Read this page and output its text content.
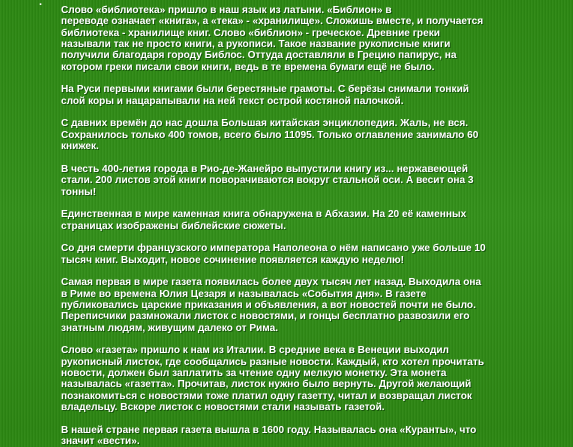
· Слово «библиотека» пришло в наш язык из латыни. «Библион» в
переводе означает «книга», а «тека» - «хранилище». Сложишь вместе, и получается
библиотека - хранилище книг. Слово «библион» - греческое. Древние греки
называли так не просто книги, а рукописи. Такое название рукописные книги
получили благодаря городу Библос. Оттуда доставляли в Грецию папирус, на
котором греки писали свои книги, ведь в те времена бумаги ещё не было.
На Руси первыми книгами были берестяные грамоты. С берёзы снимали тонкий
слой коры и нацарапывали на ней текст острой костяной палочкой.
С давних времён до нас дошла Большая китайская энциклопедия. Жаль, не вся.
Сохранилось только 400 томов, всего было 11095. Только оглавление занимало 60
книжек.
В честь 400-летия города в Рио-де-Жанейро выпустили книгу из... нержавеющей
стали. 200 листов этой книги поворачиваются вокруг стальной оси. А весит она 3
тонны!
Единственная в мире каменная книга обнаружена в Абхазии. На 20 её каменных
страницах изображены библейские сюжеты.
Со дня смерти французского императора Наполеона о нём написано уже больше 10
тысяч книг. Выходит, новое сочинение появляется каждую неделю!
Самая первая в мире газета появилась более двух тысяч лет назад. Выходила она
в Риме во времена Юлия Цезаря и называлась «События дня». В газете
публиковались царские приказания и объявления, а вот новостей почти не было.
Переписчики размножали листок с новостями, и гонцы бесплатно развозили его
знатным людям, живущим далеко от Рима.
Слово «газета» пришло к нам из Италии. В средние века в Венеции выходил
рукописный листок, где сообщались разные новости. Каждый, кто хотел прочитать
новости, должен был заплатить за чтение одну мелкую монетку. Эта монета
называлась «газетта». Прочитав, листок нужно было вернуть. Другой желающий
познакомиться с новостями тоже платил одну газетту, читал и возвращал листок
владельцу. Вскоре листок с новостями стали называть газетой.
В нашей стране первая газета вышла в 1600 году. Называлась она «Куранты», что
значит «вести».
